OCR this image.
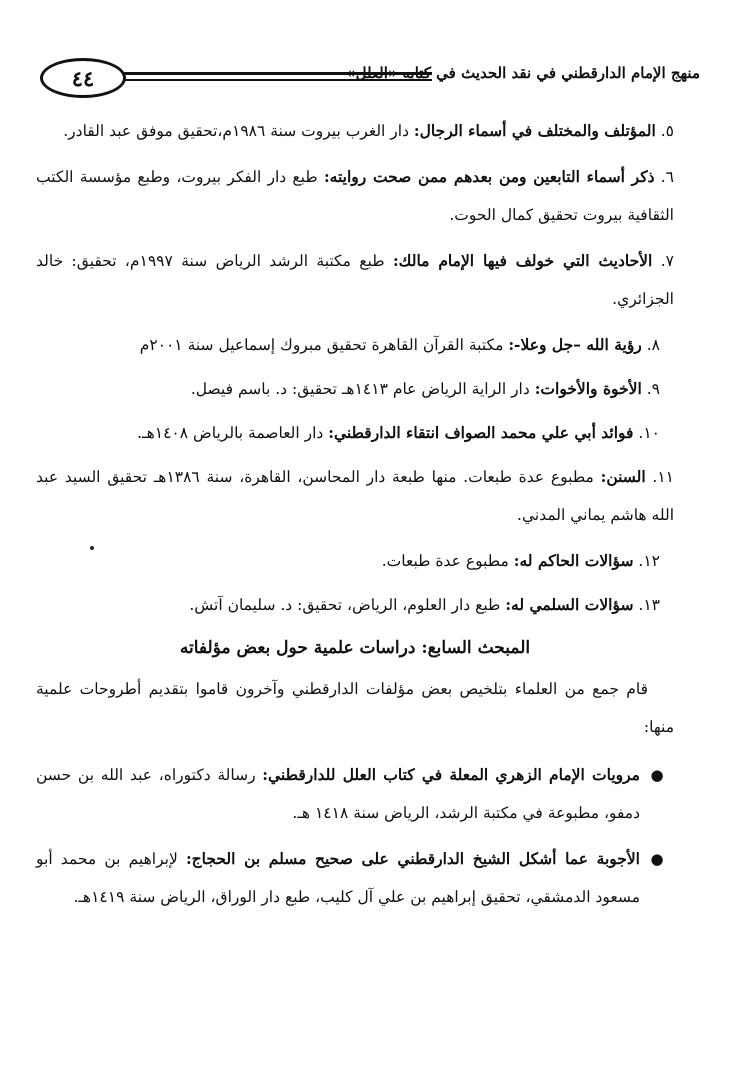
٤٤	منهج الإمام الدارقطني في نقد الحديث في كتابه «العلل»

٥. المؤتلف والمختلف في أسماء الرجال: دار الغرب بيروت سنة ١٩٨٦م،تحقيق موفق عبد القادر.

٦. ذكر أسماء التابعين ومن بعدهم ممن صحت روايته: طبع دار الفكر بيروت، وطبع مؤسسة الكتب الثقافية بيروت تحقيق كمال الحوت.

٧. الأحاديث التي خولف فيها الإمام مالك: طبع مكتبة الرشد الرياض سنة ١٩٩٧م، تحقيق: خالد الجزائري.

٨. رؤية الله –جل وعلا-: مكتبة القرآن القاهرة تحقيق مبروك إسماعيل سنة ٢٠٠١م

٩. الأخوة والأخوات: دار الراية الرياض عام ١٤١٣هـ تحقيق: د. باسم فيصل.

١٠. فوائد أبي علي محمد الصواف انتقاء الدارقطني: دار العاصمة بالرياض ١٤٠٨هـ.

١١. السنن: مطبوع عدة طبعات. منها طبعة دار المحاسن، القاهرة، سنة ١٣٨٦هـ تحقيق السيد عبد الله هاشم يماني المدني.

١٢. سؤالات الحاكم له: مطبوع عدة طبعات.

١٣. سؤالات السلمي له: طبع دار العلوم، الرياض، تحقيق: د. سليمان آتش.

المبحث السابع: دراسات علمية حول بعض مؤلفاته

قام جمع من العلماء بتلخيص بعض مؤلفات الدارقطني وآخرون قاموا بتقديم أطروحات علمية منها:

●
مرويات الإمام الزهري المعلة في كتاب العلل للدارقطني: رسالة دكتوراه، عبد الله بن حسن دمفو، مطبوعة في مكتبة الرشد، الرياض سنة ١٤١٨ هـ.
●
الأجوبة عما أشكل الشيخ الدارقطني على صحيح مسلم بن الحجاج: لإبراهيم بن محمد أبو مسعود الدمشقي، تحقيق إبراهيم بن علي آل كليب، طبع دار الوراق، الرياض سنة ١٤١٩هـ.
